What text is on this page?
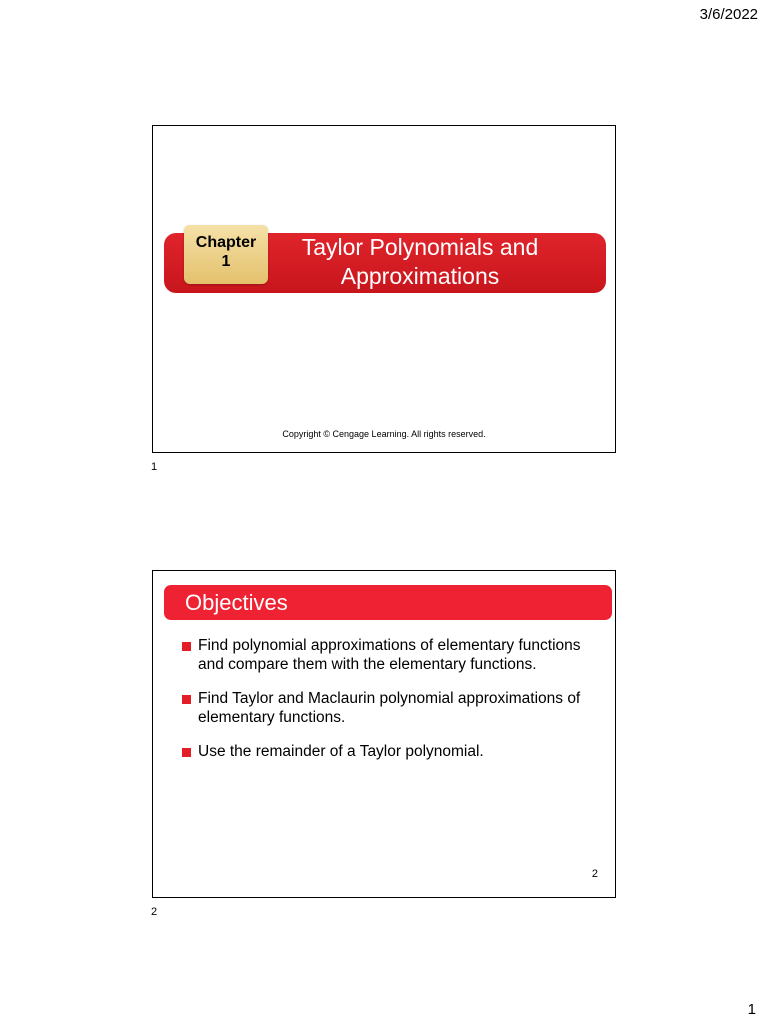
3/6/2022
Chapter
1
Taylor Polynomials and
Approximations
Copyright © Cengage Learning. All rights reserved.
1
Objectives
Find polynomial approximations of elementary functions and compare them with the elementary functions.
Find Taylor and Maclaurin polynomial approximations of elementary functions.
Use the remainder of a Taylor polynomial.
2
2
1
